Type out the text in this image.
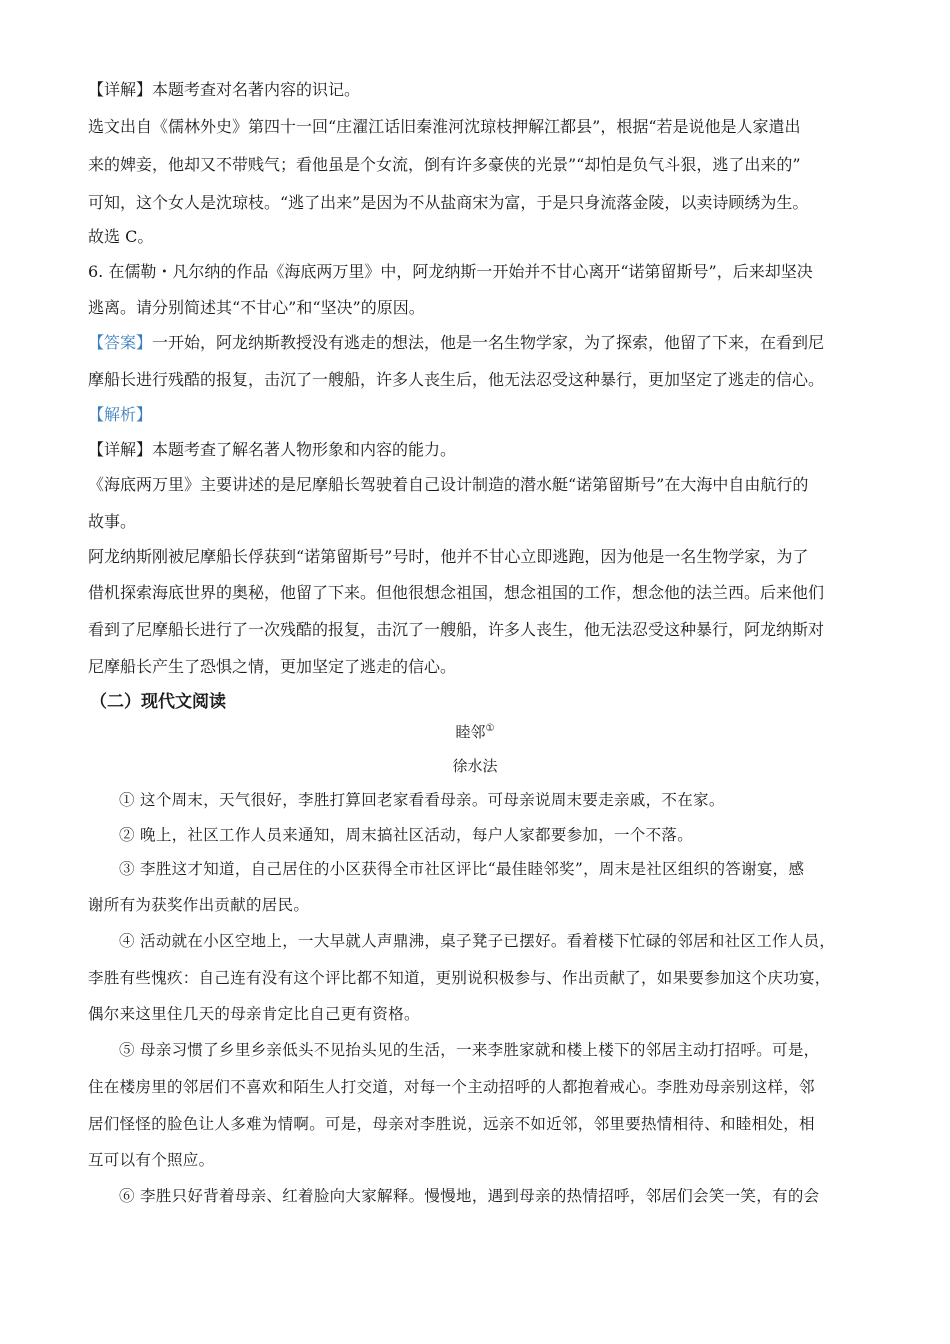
【详解】本题考查对名著内容的识记。
选文出自《儒林外史》第四十一回“庄濯江话旧秦淮河沈琼枝押解江都县”，根据“若是说他是人家遣出
来的婢妾，他却又不带贱气；看他虽是个女流，倒有许多豪侠的光景”“却怕是负气斗狠，逃了出来的”
可知，这个女人是沈琼枝。“逃了出来”是因为不从盐商宋为富，于是只身流落金陵，以卖诗顾绣为生。
故选 C。
6. 在儒勒・凡尔纳的作品《海底两万里》中，阿龙纳斯一开始并不甘心离开“诺第留斯号”，后来却坚决
逃离。请分别简述其“不甘心”和“坚决”的原因。
【答案】一开始，阿龙纳斯教授没有逃走的想法，他是一名生物学家，为了探索，他留了下来，在看到尼
摩船长进行残酷的报复，击沉了一艘船，许多人丧生后，他无法忍受这种暴行，更加坚定了逃走的信心。
【解析】
【详解】本题考查了解名著人物形象和内容的能力。
《海底两万里》主要讲述的是尼摩船长驾驶着自己设计制造的潜水艇“诺第留斯号”在大海中自由航行的
故事。
阿龙纳斯刚被尼摩船长俘获到“诺第留斯号”号时，他并不甘心立即逃跑，因为他是一名生物学家，为了
借机探索海底世界的奥秘，他留了下来。但他很想念祖国，想念祖国的工作，想念他的法兰西。后来他们
看到了尼摩船长进行了一次残酷的报复，击沉了一艘船，许多人丧生，他无法忍受这种暴行，阿龙纳斯对
尼摩船长产生了恐惧之情，更加坚定了逃走的信心。
（二）现代文阅读
睦邻①
徐水法
① 这个周末，天气很好，李胜打算回老家看看母亲。可母亲说周末要走亲戚，不在家。
② 晚上，社区工作人员来通知，周末搞社区活动，每户人家都要参加，一个不落。
③ 李胜这才知道，自己居住的小区获得全市社区评比“最佳睦邻奖”，周末是社区组织的答谢宴，感
谢所有为获奖作出贡献的居民。
④ 活动就在小区空地上，一大早就人声鼎沸，桌子凳子已摆好。看着楼下忙碌的邻居和社区工作人员，
李胜有些愧疚：自己连有没有这个评比都不知道，更别说积极参与、作出贡献了，如果要参加这个庆功宴，
偶尔来这里住几天的母亲肯定比自己更有资格。
⑤ 母亲习惯了乡里乡亲低头不见抬头见的生活，一来李胜家就和楼上楼下的邻居主动打招呼。可是，
住在楼房里的邻居们不喜欢和陌生人打交道，对每一个主动招呼的人都抱着戒心。李胜劝母亲别这样，邻
居们怪怪的脸色让人多难为情啊。可是，母亲对李胜说，远亲不如近邻，邻里要热情相待、和睦相处，相
互可以有个照应。
⑥ 李胜只好背着母亲、红着脸向大家解释。慢慢地，遇到母亲的热情招呼，邻居们会笑一笑，有的会
